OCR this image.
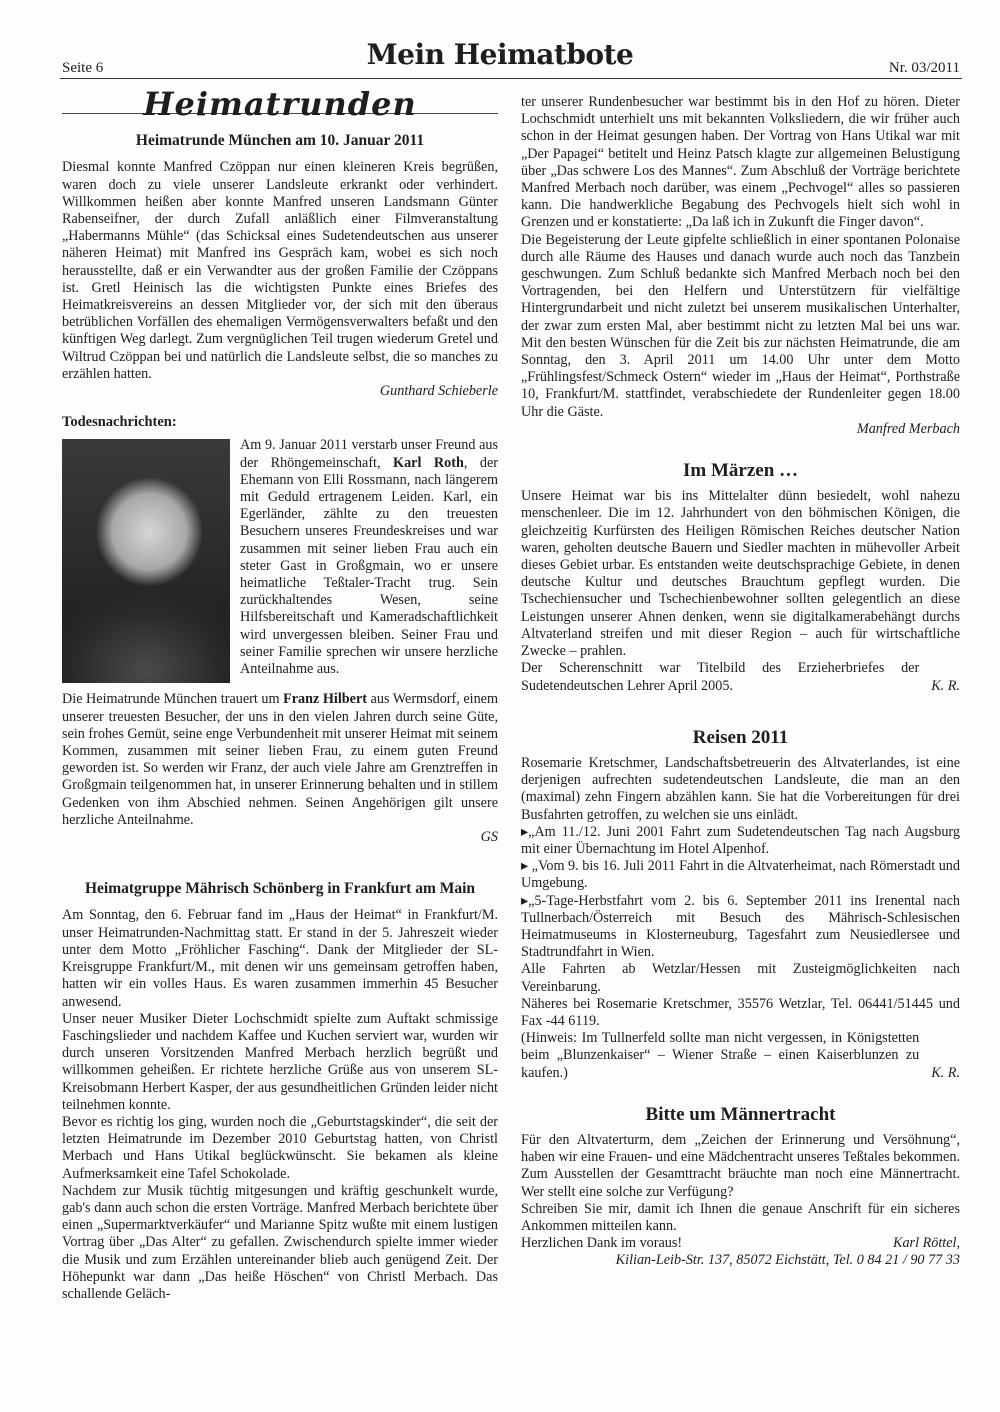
Seite 6	Mein Heimatbote	Nr. 03/2011
Heimatrunden
Heimatrunde München am 10. Januar 2011

Diesmal konnte Manfred Czöppan nur einen kleineren Kreis begrüßen, waren doch zu viele unserer Landsleute erkrankt oder verhindert. Willkommen heißen aber konnte Manfred unseren Landsmann Günter Rabenseifner, der durch Zufall anläßlich einer Filmveranstaltung „Habermanns Mühle“ (das Schicksal eines Sudetendeutschen aus unserer näheren Heimat) mit Manfred ins Gespräch kam, wobei es sich noch herausstellte, daß er ein Verwandter aus der großen Familie der Czöppans ist. Gretl Heinisch las die wichtigsten Punkte eines Briefes des Heimatkreisvereins an dessen Mitglieder vor, der sich mit den überaus betrüblichen Vorfällen des ehemaligen Vermögensverwalters befaßt und den künftigen Weg darlegt. Zum vergnüglichen Teil trugen wiederum Gretel und Wiltrud Czöppan bei und natürlich die Landsleute selbst, die so manches zu erzählen hatten.

Gunthard Schieberle

Todesnachrichten:

Am 9. Januar 2011 verstarb unser Freund aus der Rhöngemeinschaft, Karl Roth, der Ehemann von Elli Rossmann, nach längerem mit Geduld ertragenem Leiden. Karl, ein Egerländer, zählte zu den treuesten Besuchern unseres Freundeskreises und war zusammen mit seiner lieben Frau auch ein steter Gast in Großgmain, wo er unsere heimatliche Teßtaler-Tracht trug. Sein zurückhaltendes Wesen, seine Hilfsbereitschaft und Kameradschaftlichkeit wird unvergessen bleiben. Seiner Frau und seiner Familie sprechen wir unsere herzliche Anteilnahme aus.

Die Heimatrunde München trauert um Franz Hilbert aus Wermsdorf, einem unserer treuesten Besucher, der uns in den vielen Jahren durch seine Güte, sein frohes Gemüt, seine enge Verbundenheit mit unserer Heimat mit seinem Kommen, zusammen mit seiner lieben Frau, zu einem guten Freund geworden ist. So werden wir Franz, der auch viele Jahre am Grenztreffen in Großgmain teilgenommen hat, in unserer Erinnerung behalten und in stillem Gedenken von ihm Abschied nehmen. Seinen Angehörigen gilt unsere herzliche Anteilnahme.

GS

Heimatgruppe Mährisch Schönberg in Frankfurt am Main

Am Sonntag, den 6. Februar fand im „Haus der Heimat“ in Frankfurt/M. unser Heimatrunden-Nachmittag statt. Er stand in der 5. Jahreszeit wieder unter dem Motto „Fröhlicher Fasching“. Dank der Mitglieder der SL-Kreisgruppe Frankfurt/M., mit denen wir uns gemeinsam getroffen haben, hatten wir ein volles Haus. Es waren zusammen immerhin 45 Besucher anwesend.

Unser neuer Musiker Dieter Lochschmidt spielte zum Auftakt schmissige Faschingslieder und nachdem Kaffee und Kuchen serviert war, wurden wir durch unseren Vorsitzenden Manfred Merbach herzlich begrüßt und willkommen geheißen. Er richtete herzliche Grüße aus von unserem SL-Kreisobmann Herbert Kasper, der aus gesundheitlichen Gründen leider nicht teilnehmen konnte.

Bevor es richtig los ging, wurden noch die „Geburtstagskinder“, die seit der letzten Heimatrunde im Dezember 2010 Geburtstag hatten, von Christl Merbach und Hans Utikal beglückwünscht. Sie bekamen als kleine Aufmerksamkeit eine Tafel Schokolade.

Nachdem zur Musik tüchtig mitgesungen und kräftig geschunkelt wurde, gab's dann auch schon die ersten Vorträge. Manfred Merbach berichtete über einen „Supermarktverkäufer“ und Marianne Spitz wußte mit einem lustigen Vortrag über „Das Alter“ zu gefallen. Zwischendurch spielte immer wieder die Musik und zum Erzählen untereinander blieb auch genügend Zeit. Der Höhepunkt war dann „Das heiße Höschen“ von Christl Merbach. Das schallende Geläch-

ter unserer Rundenbesucher war bestimmt bis in den Hof zu hören. Dieter Lochschmidt unterhielt uns mit bekannten Volksliedern, die wir früher auch schon in der Heimat gesungen haben. Der Vortrag von Hans Utikal war mit „Der Papagei“ betitelt und Heinz Patsch klagte zur allgemeinen Belustigung über „Das schwere Los des Mannes“. Zum Abschluß der Vorträge berichtete Manfred Merbach noch darüber, was einem „Pechvogel“ alles so passieren kann. Die handwerkliche Begabung des Pechvogels hielt sich wohl in Grenzen und er konstatierte: „Da laß ich in Zukunft die Finger davon“.

Die Begeisterung der Leute gipfelte schließlich in einer spontanen Polonaise durch alle Räume des Hauses und danach wurde auch noch das Tanzbein geschwungen. Zum Schluß bedankte sich Manfred Merbach noch bei den Vortragenden, bei den Helfern und Unterstützern für vielfältige Hintergrundarbeit und nicht zuletzt bei unserem musikalischen Unterhalter, der zwar zum ersten Mal, aber bestimmt nicht zu letzten Mal bei uns war. Mit den besten Wünschen für die Zeit bis zur nächsten Heimatrunde, die am Sonntag, den 3. April 2011 um 14.00 Uhr unter dem Motto „Frühlingsfest/Schmeck Ostern“ wieder im „Haus der Heimat“, Porthstraße 10, Frankfurt/M. stattfindet, verabschiedete der Rundenleiter gegen 18.00 Uhr die Gäste.

Manfred Merbach

Im Märzen …

Unsere Heimat war bis ins Mittelalter dünn besiedelt, wohl nahezu menschenleer. Die im 12. Jahrhundert von den böhmischen Königen, die gleichzeitig Kurfürsten des Heiligen Römischen Reiches deutscher Nation waren, geholten deutsche Bauern und Siedler machten in mühevoller Arbeit dieses Gebiet urbar. Es entstanden weite deutschsprachige Gebiete, in denen deutsche Kultur und deutsches Brauchtum gepflegt wurden. Die Tschechiensucher und Tschechienbewohner sollten gelegentlich an diese Leistungen unserer Ahnen denken, wenn sie digitalkamerabehängt durchs Altvaterland streifen und mit dieser Region – auch für wirtschaftliche Zwecke – prahlen.

Der Scherenschnitt war Titelbild des Erzieherbriefes der Sudetendeutschen Lehrer April 2005.	K. R.
Reisen 2011

Rosemarie Kretschmer, Landschaftsbetreuerin des Altvaterlandes, ist eine derjenigen aufrechten sudetendeutschen Landsleute, die man an den (maximal) zehn Fingern abzählen kann. Sie hat die Vorbereitungen für drei Busfahrten getroffen, zu welchen sie uns einlädt.

▸„Am 11./12. Juni 2001 Fahrt zum Sudetendeutschen Tag nach Augsburg mit einer Übernachtung im Hotel Alpenhof.

▸ „Vom 9. bis 16. Juli 2011 Fahrt in die Altvaterheimat, nach Römerstadt und Umgebung.

▸„5-Tage-Herbstfahrt vom 2. bis 6. September 2011 ins Irenental nach Tullnerbach/Österreich mit Besuch des Mährisch-Schlesischen Heimatmuseums in Klosterneuburg, Tagesfahrt zum Neusiedlersee und Stadtrundfahrt in Wien.

Alle Fahrten ab Wetzlar/Hessen mit Zusteigmöglichkeiten nach Vereinbarung.

Näheres bei Rosemarie Kretschmer, 35576 Wetzlar, Tel. 06441/51445 und Fax -44 6119.

(Hinweis: Im Tullnerfeld sollte man nicht vergessen, in Königstetten beim „Blunzenkaiser“ – Wiener Straße – einen Kaiserblunzen zu kaufen.)	K. R.
Bitte um Männertracht

Für den Altvaterturm, dem „Zeichen der Erinnerung und Versöhnung“, haben wir eine Frauen- und eine Mädchentracht unseres Teßtales bekommen. Zum Ausstellen der Gesamttracht bräuchte man noch eine Männertracht. Wer stellt eine solche zur Verfügung?

Schreiben Sie mir, damit ich Ihnen die genaue Anschrift für ein sicheres Ankommen mitteilen kann.

Herzlichen Dank im voraus!	Karl Röttel,

Kilian-Leib-Str. 137, 85072 Eichstätt, Tel. 0 84 21 / 90 77 33
